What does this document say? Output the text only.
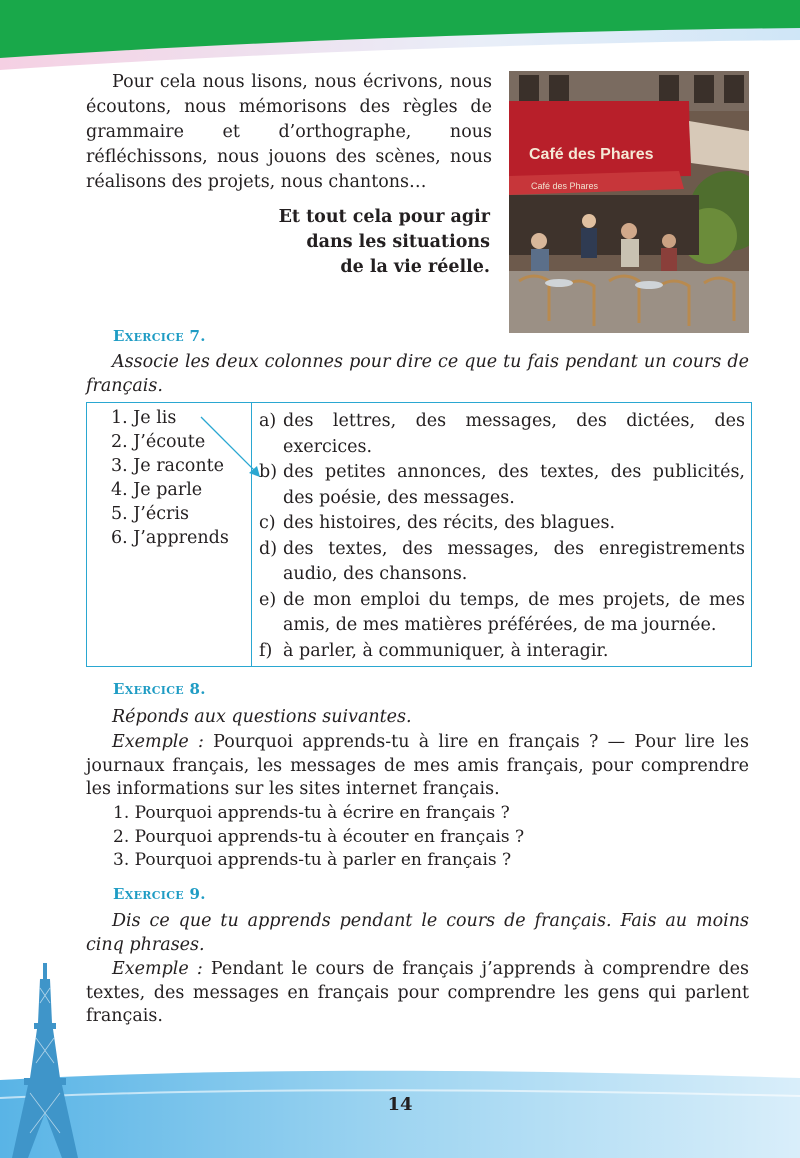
Pour cela nous lisons, nous écrivons, nous écoutons, nous mémorisons des règles de grammaire et d’orthographe, nous réfléchissons, nous jouons des scènes, nous réalisons des projets, nous chantons…

Et tout cela pour agir
dans les situations
de la vie réelle.
Café des Phares
Café des Phares
Exercice 7.

Associe les deux colonnes pour dire ce que tu fais pendant un cours de français.

1. Je lis
2. J’écoute
3. Je raconte
4. Je parle
5. J’écris
6. J’apprends
a) des lettres, des messages, des dictées, des exercices.
b) des petites annonces, des textes, des publicités, des poésie, des messages.
c) des histoires, des récits, des blagues.
d) des textes, des messages, des enregistrements audio, des chansons.
e) de mon emploi du temps, de mes projets, de mes amis, de mes matières préférées, de ma journée.
f) à parler, à communiquer, à interagir.
Exercice 8.

Réponds aux questions suivantes.

Exemple : Pourquoi apprends-tu à lire en français ? — Pour lire les journaux français, les messages de mes amis français, pour comprendre les informations sur les sites internet français.

1. Pourquoi apprends-tu à écrire en français ?
2. Pourquoi apprends-tu à écouter en français ?
3. Pourquoi apprends-tu à parler en français ?
Exercice 9.

Dis ce que tu apprends pendant le cours de français. Fais au moins cinq phrases.

Exemple : Pendant le cours de français j’apprends à comprendre des textes, des messages en français pour comprendre les gens qui parlent français.

14
